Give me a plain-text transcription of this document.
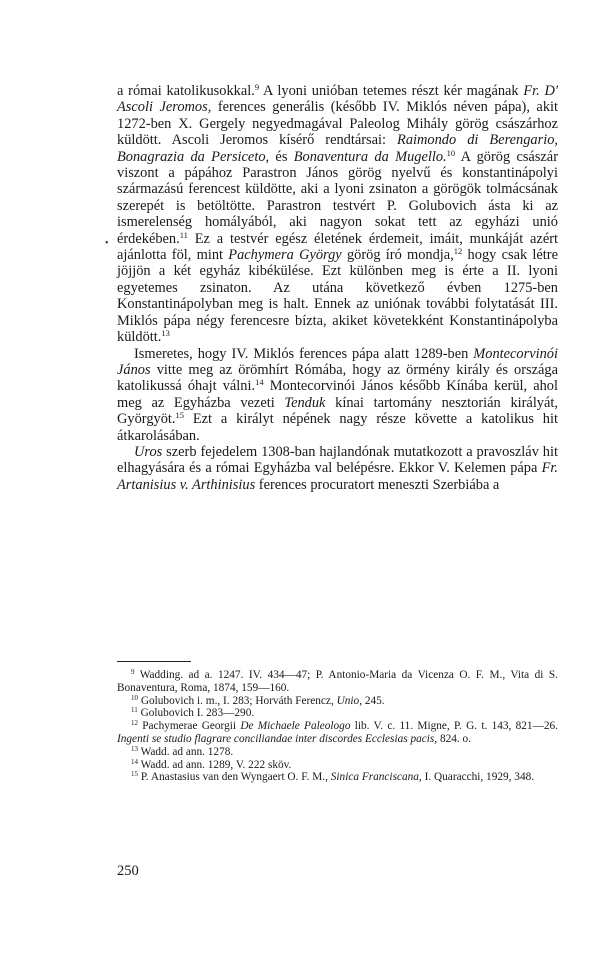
•

a római katolikusokkal.$^9$ A lyoni unióban tetemes részt kér magának Fr. D' Ascoli Jeromos, ferences generális (később IV. Miklós néven pápa), akit 1272-ben X. Gergely negyedmagával Paleolog Mihály görög császárhoz küldött. Ascoli Jeromos kísérő rendtársai: Raimondo di Berengario, Bonagrazia da Persiceto, és Bonaventura da Mugello.$^{10}$ A görög császár viszont a pápához Parastron János görög nyelvű és konstantinápolyi származású ferencest küldötte, aki a lyoni zsinaton a görögök tolmácsának szerepét is betöltötte. Parastron testvért P. Golubovich ásta ki az ismerelenség homályából, aki nagyon sokat tett az egyházi unió érdekében.$^{11}$ Ez a testvér egész életének érdemeit, imáit, munkáját azért ajánlotta föl, mint Pachymera György görög író mondja,$^{12}$ hogy csak létre jöjjön a két egyház kibékülése. Ezt különben meg is érte a II. lyoni egyetemes zsinaton. Az utána következő évben 1275-ben Konstantinápolyban meg is halt. Ennek az uniónak további folytatását III. Miklós pápa négy ferencesre bízta, akiket követekként Konstantinápolyba küldött.$^{13}$

Ismeretes, hogy IV. Miklós ferences pápa alatt 1289-ben Montecorvinói János vitte meg az örömhírt Rómába, hogy az örmény király és országa katolikussá óhajt válni.$^{14}$ Montecorvinói János később Kínába kerül, ahol meg az Egyházba vezeti Tenduk kínai tartomány nesztorián királyát, Györgyöt.$^{15}$ Ezt a királyt népének nagy része követte a katolikus hit átkarolásában.

Uros szerb fejedelem 1308-ban hajlandónak mutatkozott a pravoszláv hit elhagyására és a római Egyházba val belépésre. Ekkor V. Kelemen pápa Fr. Artanisius v. Arthinisius ferences procuratort meneszti Szerbiába a

$^9$ Wadding. ad a. 1247. IV. 434—47; P. Antonio-Maria da Vicenza O. F. M., Vita di S. Bonaventura, Roma, 1874, 159—160.

$^{10}$ Golubovich i. m., I. 283; Horváth Ferencz, Unio, 245.

$^{11}$ Golubovich I. 283—290.

$^{12}$ Pachymerae Georgii De Michaele Paleologo lib. V. c. 11. Migne, P. G. t. 143, 821—26. Ingenti se studio flagrare conciliandae inter discordes Ecclesias pacis, 824. o.

$^{13}$ Wadd. ad ann. 1278.

$^{14}$ Wadd. ad ann. 1289, V. 222 sköv.

$^{15}$ P. Anastasius van den Wyngaert O. F. M., Sinica Franciscana, I. Quaracchi, 1929, 348.

250
